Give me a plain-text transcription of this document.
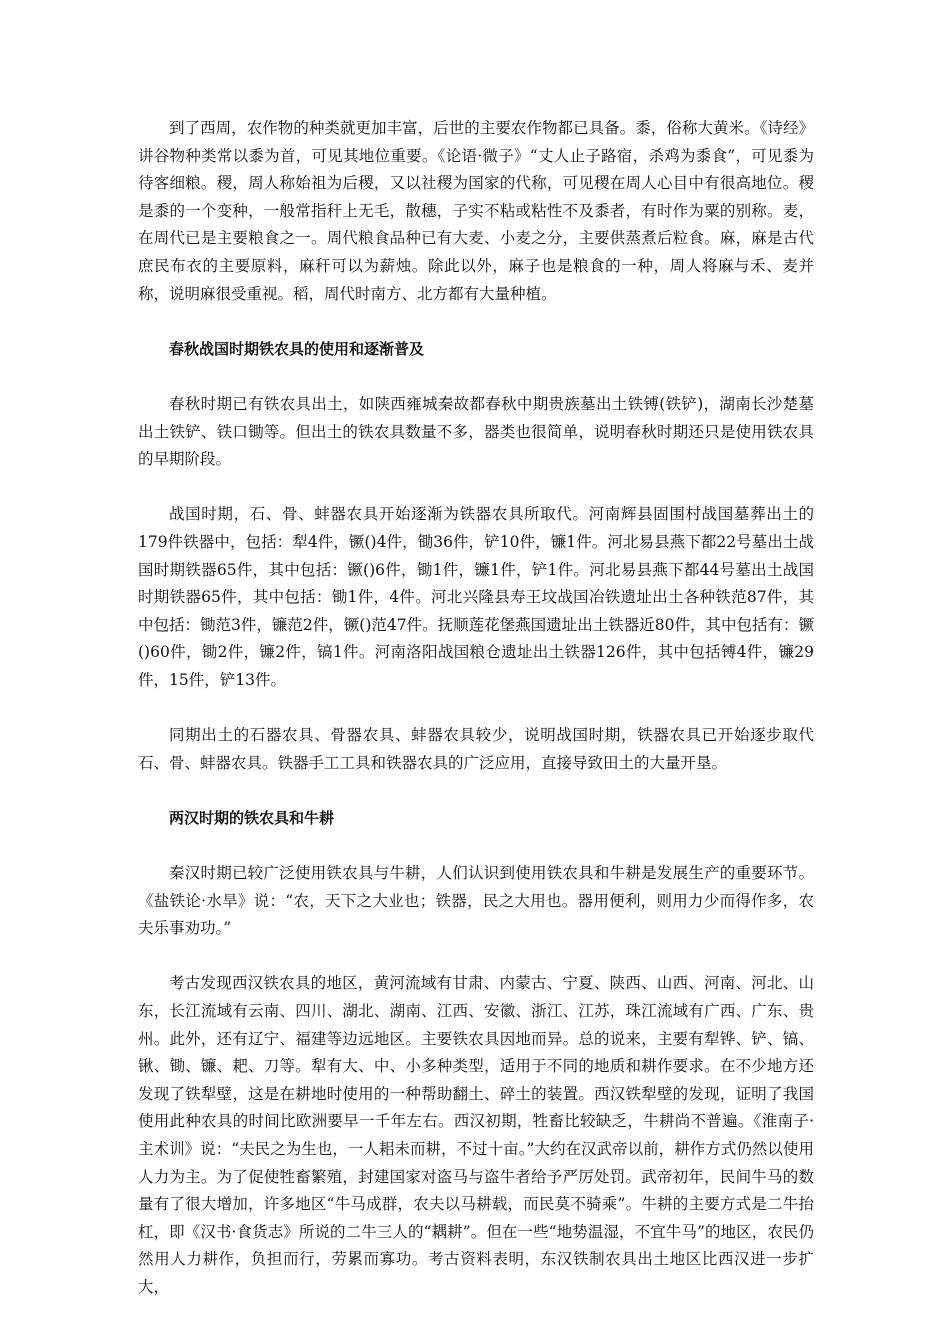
到了西周，农作物的种类就更加丰富，后世的主要农作物都已具备。黍，俗称大黄米。《诗经》讲谷物种类常以黍为首，可见其地位重要。《论语·微子》“丈人止子路宿，杀鸡为黍食”，可见黍为待客细粮。稷，周人称始祖为后稷，又以社稷为国家的代称，可见稷在周人心目中有很高地位。稷是黍的一个变种，一般常指秆上无毛，散穗，子实不粘或粘性不及黍者，有时作为粟的别称。麦，在周代已是主要粮食之一。周代粮食品种已有大麦、小麦之分，主要供蒸煮后粒食。麻，麻是古代庶民布衣的主要原料，麻秆可以为薪烛。除此以外，麻子也是粮食的一种，周人将麻与禾、麦并称，说明麻很受重视。稻，周代时南方、北方都有大量种植。

春秋战国时期铁农具的使用和逐渐普及

春秋时期已有铁农具出土，如陕西雍城秦故都春秋中期贵族墓出土铁镈(铁铲)，湖南长沙楚墓出土铁铲、铁口锄等。但出土的铁农具数量不多，器类也很简单，说明春秋时期还只是使用铁农具的早期阶段。

战国时期，石、骨、蚌器农具开始逐渐为铁器农具所取代。河南辉县固围村战国墓葬出土的179件铁器中，包括：犁4件，镢()4件，锄36件，铲10件，镰1件。河北易县燕下都22号墓出土战国时期铁器65件，其中包括：镢()6件，锄1件，镰1件，铲1件。河北易县燕下都44号墓出土战国时期铁器65件，其中包括：锄1件，4件。河北兴隆县寿王坟战国冶铁遗址出土各种铁范87件，其中包括：锄范3件，镰范2件，镢()范47件。抚顺莲花堡燕国遗址出土铁器近80件，其中包括有：镢()60件，锄2件，镰2件，镐1件。河南洛阳战国粮仓遗址出土铁器126件，其中包括镈4件，镰29件，15件，铲13件。

同期出土的石器农具、骨器农具、蚌器农具较少，说明战国时期，铁器农具已开始逐步取代石、骨、蚌器农具。铁器手工工具和铁器农具的广泛应用，直接导致田土的大量开垦。

两汉时期的铁农具和牛耕

秦汉时期已较广泛使用铁农具与牛耕，人们认识到使用铁农具和牛耕是发展生产的重要环节。《盐铁论·水旱》说：“农，天下之大业也；铁器，民之大用也。器用便利，则用力少而得作多，农夫乐事劝功。”

考古发现西汉铁农具的地区，黄河流域有甘肃、内蒙古、宁夏、陕西、山西、河南、河北、山东，长江流域有云南、四川、湖北、湖南、江西、安徽、浙江、江苏，珠江流域有广西、广东、贵州。此外，还有辽宁、福建等边远地区。主要铁农具因地而异。总的说来，主要有犁铧、铲、镐、锹、锄、镰、耙、刀等。犁有大、中、小多种类型，适用于不同的地质和耕作要求。在不少地方还发现了铁犁壁，这是在耕地时使用的一种帮助翻土、碎土的装置。西汉铁犁壁的发现，证明了我国使用此种农具的时间比欧洲要早一千年左右。西汉初期，牲畜比较缺乏，牛耕尚不普遍。《淮南子·主术训》说：“夫民之为生也，一人耜未而耕，不过十亩。”大约在汉武帝以前，耕作方式仍然以使用人力为主。为了促使牲畜繁殖，封建国家对盗马与盗牛者给予严厉处罚。武帝初年，民间牛马的数量有了很大增加，许多地区“牛马成群，农夫以马耕载，而民莫不骑乘”。牛耕的主要方式是二牛抬杠，即《汉书·食货志》所说的二牛三人的“耦耕”。但在一些“地势温湿，不宜牛马”的地区，农民仍然用人力耕作，负担而行，劳累而寡功。考古资料表明，东汉铁制农具出土地区比西汉进一步扩大，
